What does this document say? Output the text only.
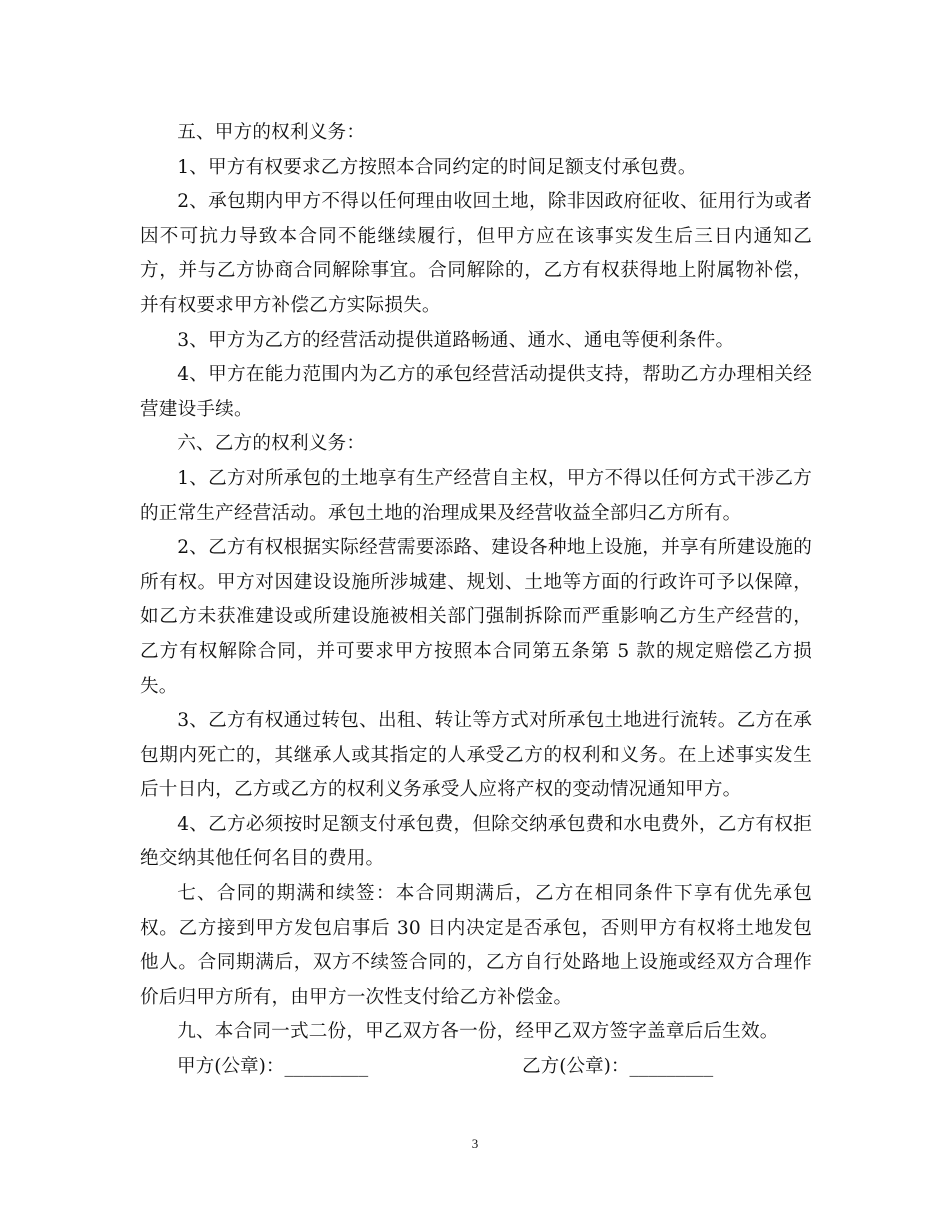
五、甲方的权利义务：

1、甲方有权要求乙方按照本合同约定的时间足额支付承包费。

2、承包期内甲方不得以任何理由收回土地，除非因政府征收、征用行为或者因不可抗力导致本合同不能继续履行，但甲方应在该事实发生后三日内通知乙方，并与乙方协商合同解除事宜。合同解除的，乙方有权获得地上附属物补偿，并有权要求甲方补偿乙方实际损失。

3、甲方为乙方的经营活动提供道路畅通、通水、通电等便利条件。

4、甲方在能力范围内为乙方的承包经营活动提供支持，帮助乙方办理相关经营建设手续。

六、乙方的权利义务：

1、乙方对所承包的土地享有生产经营自主权，甲方不得以任何方式干涉乙方的正常生产经营活动。承包土地的治理成果及经营收益全部归乙方所有。

2、乙方有权根据实际经营需要添路、建设各种地上设施，并享有所建设施的所有权。甲方对因建设设施所涉城建、规划、土地等方面的行政许可予以保障，如乙方未获准建设或所建设施被相关部门强制拆除而严重影响乙方生产经营的，乙方有权解除合同，并可要求甲方按照本合同第五条第 5 款的规定赔偿乙方损失。

3、乙方有权通过转包、出租、转让等方式对所承包土地进行流转。乙方在承包期内死亡的，其继承人或其指定的人承受乙方的权利和义务。在上述事实发生后十日内，乙方或乙方的权利义务承受人应将产权的变动情况通知甲方。

4、乙方必须按时足额支付承包费，但除交纳承包费和水电费外，乙方有权拒绝交纳其他任何名目的费用。

七、合同的期满和续签：本合同期满后，乙方在相同条件下享有优先承包权。乙方接到甲方发包启事后 30 日内决定是否承包，否则甲方有权将土地发包他人。合同期满后，双方不续签合同的，乙方自行处路地上设施或经双方合理作价后归甲方所有，由甲方一次性支付给乙方补偿金。

九、本合同一式二份，甲乙双方各一份，经甲乙双方签字盖章后后生效。

甲方(公章)：_________	乙方(公章)：_________
3
